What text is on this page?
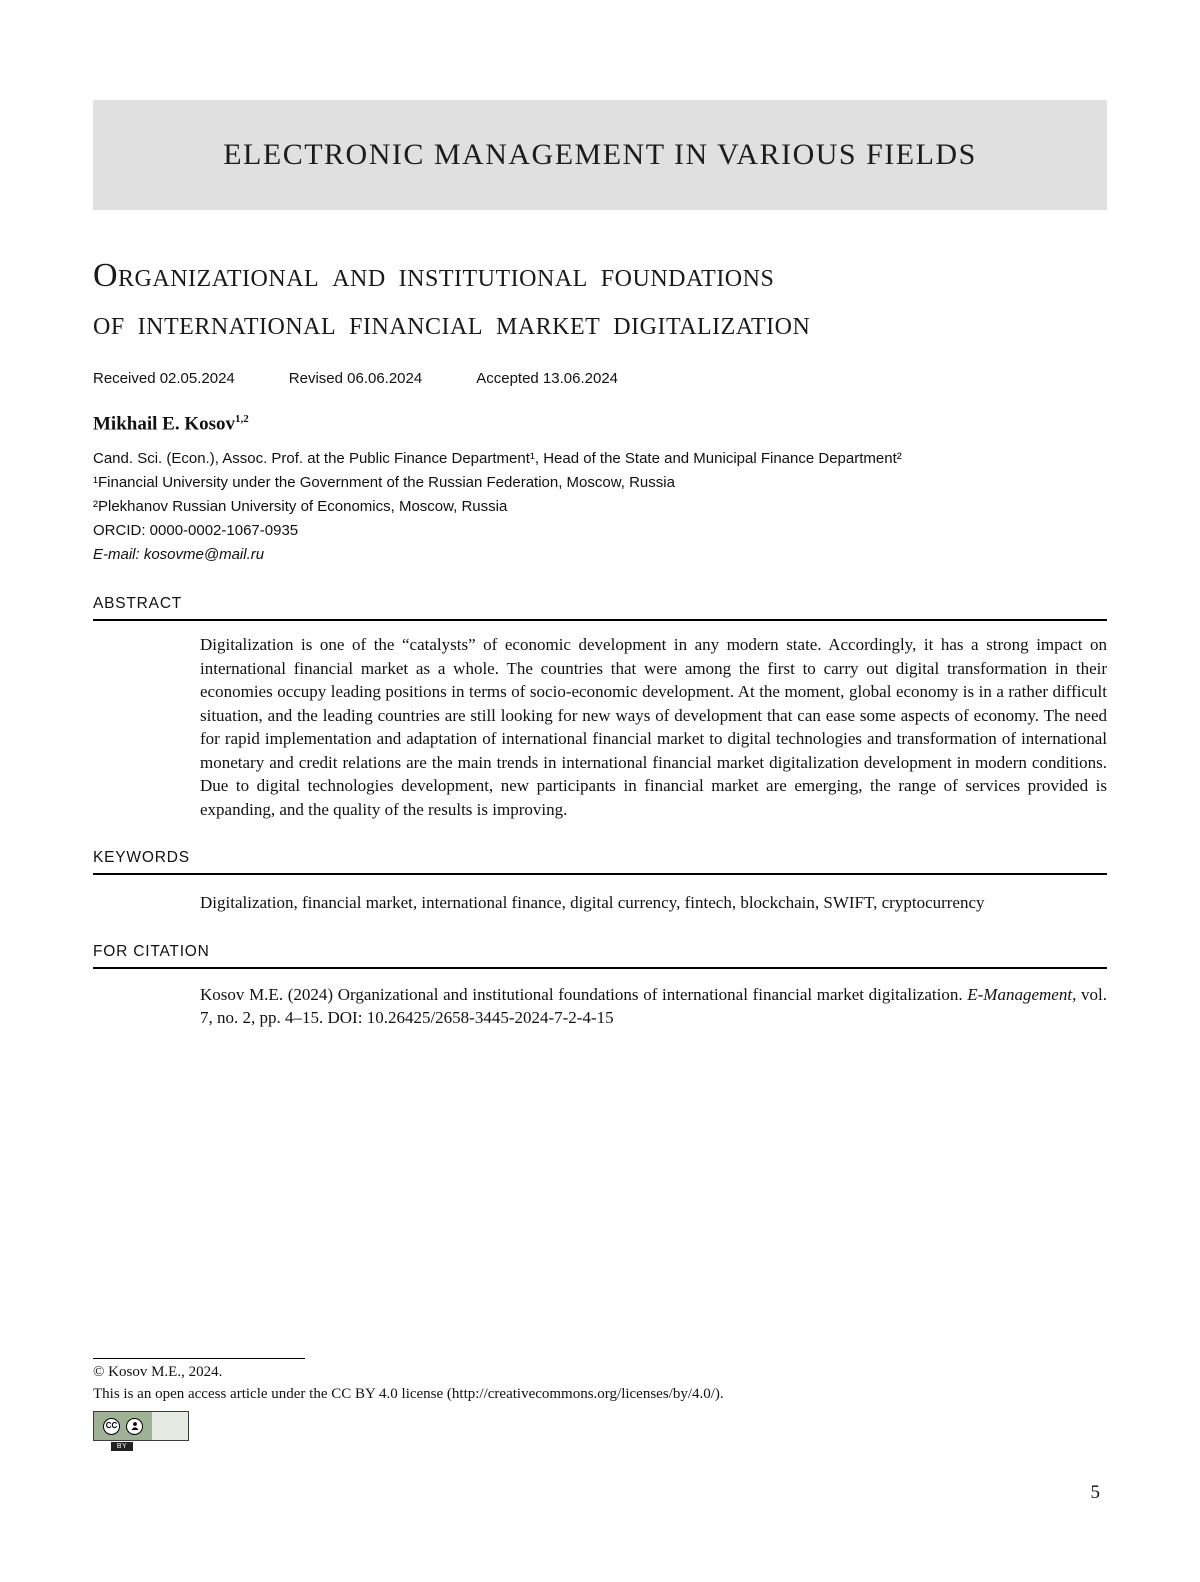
ELECTRONIC MANAGEMENT IN VARIOUS FIELDS
Organizational and institutional foundations
of international financial market digitalization
Received 02.05.2024	Revised 06.06.2024	Accepted 13.06.2024

Mikhail E. Kosov$^{1,2}$

Cand. Sci. (Econ.), Assoc. Prof. at the Public Finance Department¹, Head of the State and Municipal Finance Department²

¹Financial University under the Government of the Russian Federation, Moscow, Russia

²Plekhanov Russian University of Economics, Moscow, Russia

ORCID: 0000-0002-1067-0935

E-mail: kosovme@mail.ru

ABSTRACT

Digitalization is one of the “catalysts” of economic development in any modern state. Accordingly, it has a strong impact on international financial market as a whole. The countries that were among the first to carry out digital transformation in their economies occupy leading positions in terms of socio-economic development. At the moment, global economy is in a rather difficult situation, and the leading countries are still looking for new ways of development that can ease some aspects of economy. The need for rapid implementation and adaptation of international financial market to digital technologies and transformation of international monetary and credit relations are the main trends in international financial market digitalization development in modern conditions. Due to digital technologies development, new participants in financial market are emerging, the range of services provided is expanding, and the quality of the results is improving.

KEYWORDS

Digitalization, financial market, international finance, digital currency, fintech, blockchain, SWIFT, cryptocurrency

FOR CITATION

Kosov M.E. (2024) Organizational and institutional foundations of international financial market digitalization. E-Management, vol. 7, no. 2, pp. 4–15. DOI: 10.26425/2658-3445-2024-7-2-4-15

© Kosov M.E., 2024.

This is an open access article under the CC BY 4.0 license (http://creativecommons.org/licenses/by/4.0/).

CC
BY
5
